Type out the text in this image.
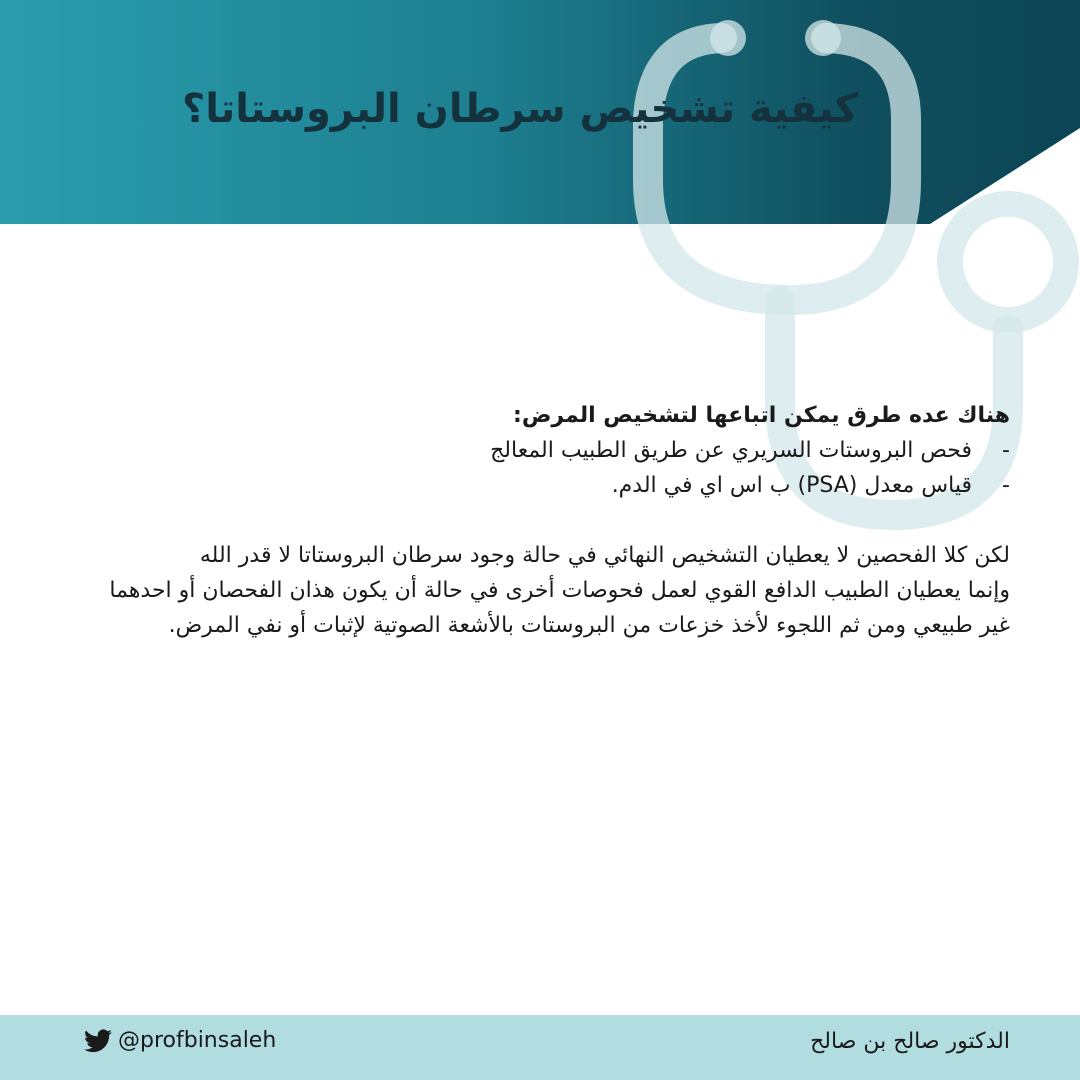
كيفية تشخيص سرطان البروستاتا؟

هناك عده طرق يمكن اتباعها لتشخيص المرض:

-
فحص البروستات السريري عن طريق الطبيب المعالج
-
قياس معدل (PSA) ب اس اي في الدم.

لكن كلا الفحصين لا يعطيان التشخيص النهائي في حالة وجود سرطان البروستاتا لا قدر الله

وإنما يعطيان الطبيب الدافع القوي لعمل فحوصات أخرى في حالة أن يكون هذان الفحصان أو احدهما غير طبيعي ومن ثم اللجوء لأخذ خزعات من البروستات بالأشعة الصوتية لإثبات أو نفي المرض.

@profbinsaleh	الدكتور صالح بن صالح
